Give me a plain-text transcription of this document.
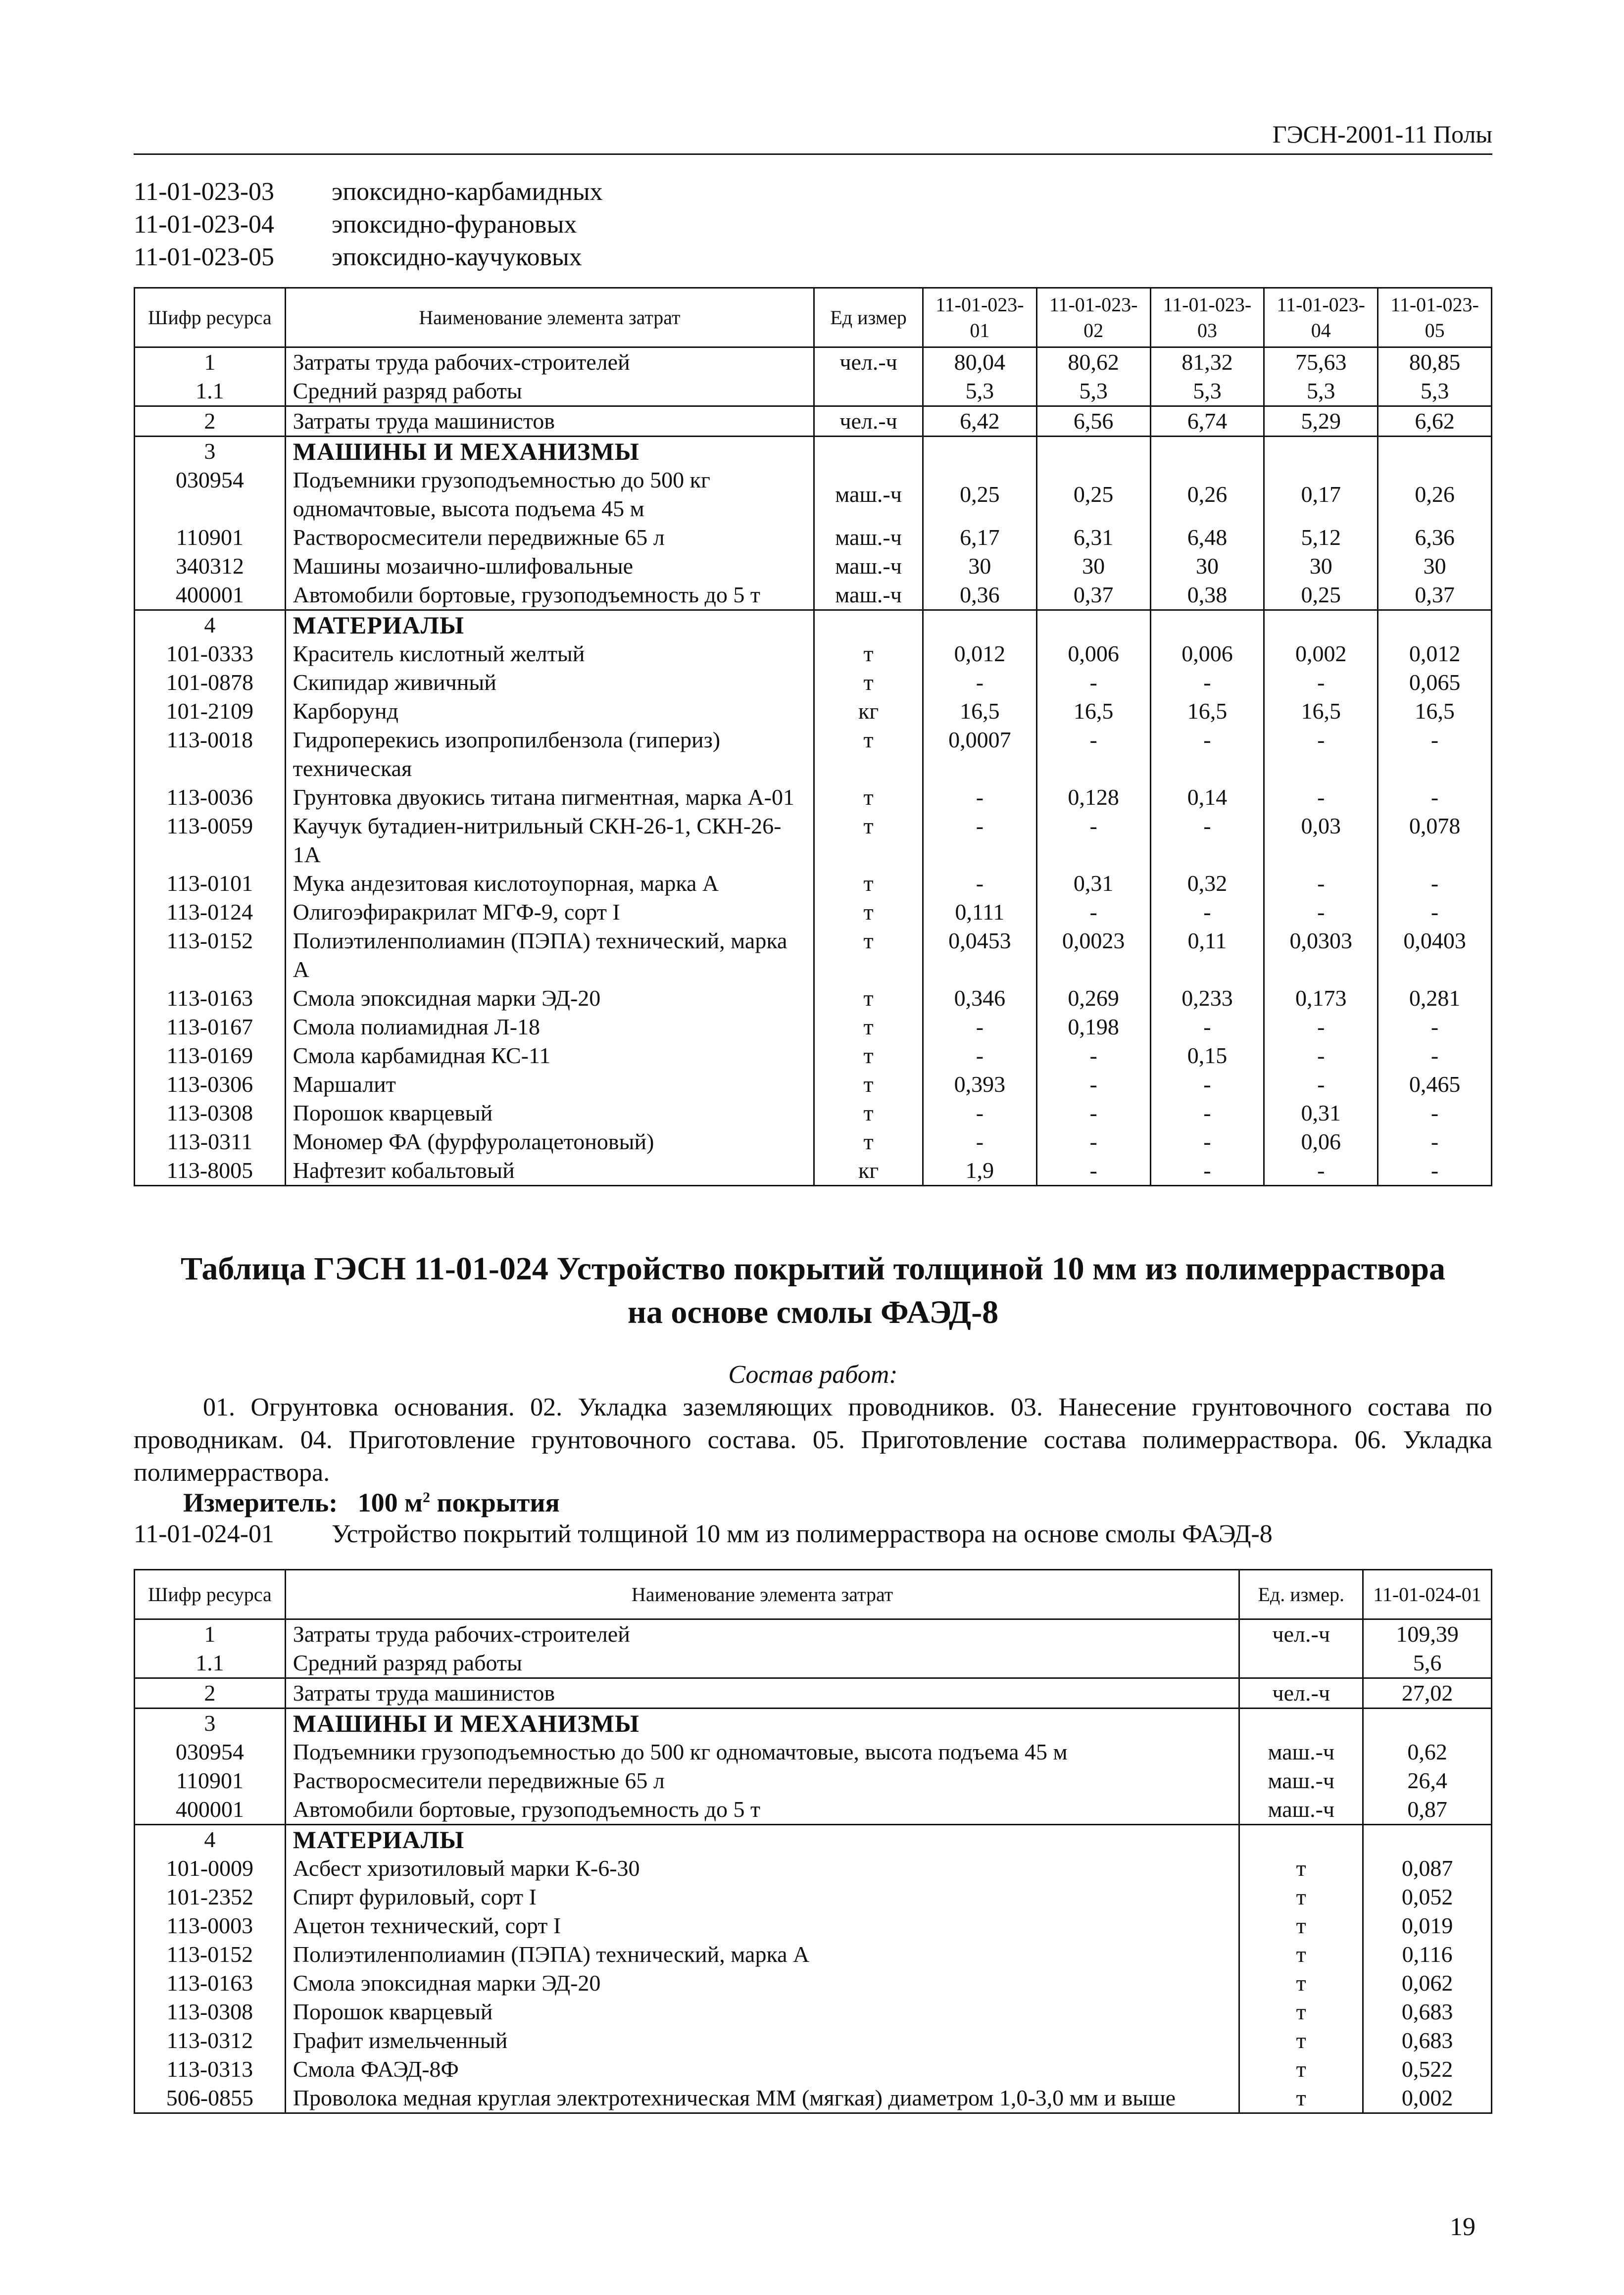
ГЭСН-2001-11 Полы
11-01-023-03	эпоксидно-карбамидных
11-01-023-04	эпоксидно-фурановых
11-01-023-05	эпоксидно-каучуковых
Шифр ресурса	Наименование элемента затрат	Ед измер	11-01-023-01	11-01-023-02	11-01-023-03	11-01-023-04	11-01-023-05
1	Затраты труда рабочих-строителей	чел.-ч	80,04	80,62	81,32	75,63	80,85
1.1	Средний разряд работы		5,3	5,3	5,3	5,3	5,3
2	Затраты труда машинистов	чел.-ч	6,42	6,56	6,74	5,29	6,62
3	МАШИНЫ И МЕХАНИЗМЫ						
030954	Подъемники грузоподъемностью до 500 кг одномачтовые, высота подъема 45 м	маш.-ч	0,25	0,25	0,26	0,17	0,26
110901	Растворосмесители передвижные 65 л	маш.-ч	6,17	6,31	6,48	5,12	6,36
340312	Машины мозаично-шлифовальные	маш.-ч	30	30	30	30	30
400001	Автомобили бортовые, грузоподъемность до 5 т	маш.-ч	0,36	0,37	0,38	0,25	0,37
4	МАТЕРИАЛЫ						
101-0333	Краситель кислотный желтый	т	0,012	0,006	0,006	0,002	0,012
101-0878	Скипидар живичный	т	-	-	-	-	0,065
101-2109	Карборунд	кг	16,5	16,5	16,5	16,5	16,5
113-0018	Гидроперекись изопропилбензола (гипериз) техническая	т	0,0007	-	-	-	-
113-0036	Грунтовка двуокись титана пигментная, марка А-01	т	-	0,128	0,14	-	-
113-0059	Каучук бутадиен-нитрильный СКН-26-1, СКН-26-1А	т	-	-	-	0,03	0,078
113-0101	Мука андезитовая кислотоупорная, марка А	т	-	0,31	0,32	-	-
113-0124	Олигоэфиракрилат МГФ-9, сорт I	т	0,111	-	-	-	-
113-0152	Полиэтиленполиамин (ПЭПА) технический, марка А	т	0,0453	0,0023	0,11	0,0303	0,0403
113-0163	Смола эпоксидная марки ЭД-20	т	0,346	0,269	0,233	0,173	0,281
113-0167	Смола полиамидная Л-18	т	-	0,198	-	-	-
113-0169	Смола карбамидная КС-11	т	-	-	0,15	-	-
113-0306	Маршалит	т	0,393	-	-	-	0,465
113-0308	Порошок кварцевый	т	-	-	-	0,31	-
113-0311	Мономер ФА (фурфуролацетоновый)	т	-	-	-	0,06	-
113-8005	Нафтезит кобальтовый	кг	1,9	-	-	-	-
Таблица ГЭСН 11-01-024 Устройство покрытий толщиной 10 мм из полимерраствора
на основе смолы ФАЭД-8
Состав работ:
01. Огрунтовка основания. 02. Укладка заземляющих проводников. 03. Нанесение грунтовочного состава по проводникам. 04. Приготовление грунтовочного состава. 05. Приготовление состава полимерраствора. 06. Укладка полимерраствора.
Измеритель: 100 $м^2$ покрытия
11-01-024-01	Устройство покрытий толщиной 10 мм из полимерраствора на основе смолы ФАЭД-8
Шифр ресурса	Наименование элемента затрат	Ед. измер.	11-01-024-01
1	Затраты труда рабочих-строителей	чел.-ч	109,39
1.1	Средний разряд работы		5,6
2	Затраты труда машинистов	чел.-ч	27,02
3	МАШИНЫ И МЕХАНИЗМЫ		
030954	Подъемники грузоподъемностью до 500 кг одномачтовые, высота подъема 45 м	маш.-ч	0,62
110901	Растворосмесители передвижные 65 л	маш.-ч	26,4
400001	Автомобили бортовые, грузоподъемность до 5 т	маш.-ч	0,87
4	МАТЕРИАЛЫ		
101-0009	Асбест хризотиловый марки К-6-30	т	0,087
101-2352	Спирт фуриловый, сорт I	т	0,052
113-0003	Ацетон технический, сорт I	т	0,019
113-0152	Полиэтиленполиамин (ПЭПА) технический, марка А	т	0,116
113-0163	Смола эпоксидная марки ЭД-20	т	0,062
113-0308	Порошок кварцевый	т	0,683
113-0312	Графит измельченный	т	0,683
113-0313	Смола ФАЭД-8Ф	т	0,522
506-0855	Проволока медная круглая электротехническая ММ (мягкая) диаметром 1,0-3,0 мм и выше	т	0,002
19
